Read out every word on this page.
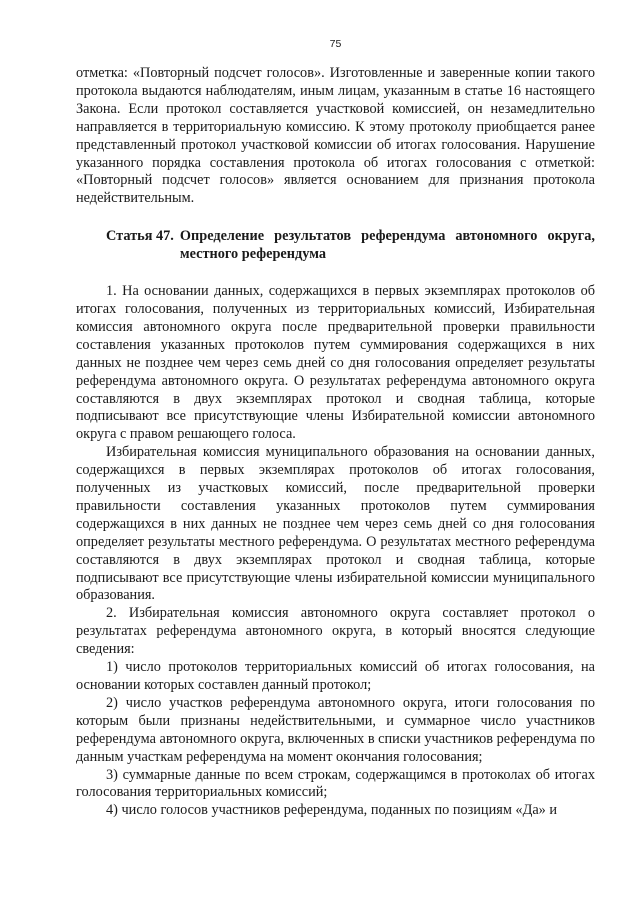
75

отметка: «Повторный подсчет голосов». Изготовленные и заверенные копии такого протокола выдаются наблюдателям, иным лицам, указанным в статье 16 настоящего Закона. Если протокол составляется участковой комиссией, он незамедлительно направляется в территориальную комиссию. К этому протоколу приобщается ранее представленный протокол участковой комиссии об итогах голосования. Нарушение указанного порядка составления протокола об итогах голосования с отметкой: «Повторный подсчет голосов» является основанием для признания протокола недействительным.

Статья 47. Определение результатов референдума автономного округа, местного референдума

1. На основании данных, содержащихся в первых экземплярах протоколов об итогах голосования, полученных из территориальных комиссий, Избирательная комиссия автономного округа после предварительной проверки правильности составления указанных протоколов путем суммирования содержащихся в них данных не позднее чем через семь дней со дня голосования определяет результаты референдума автономного округа. О результатах референдума автономного округа составляются в двух экземплярах протокол и сводная таблица, которые подписывают все присутствующие члены Избирательной комиссии автономного округа с правом решающего голоса.

Избирательная комиссия муниципального образования на основании данных, содержащихся в первых экземплярах протоколов об итогах голосования, полученных из участковых комиссий, после предварительной проверки правильности составления указанных протоколов путем суммирования содержащихся в них данных не позднее чем через семь дней со дня голосования определяет результаты местного референдума. О результатах местного референдума составляются в двух экземплярах протокол и сводная таблица, которые подписывают все присутствующие члены избирательной комиссии муниципального образования.

2. Избирательная комиссия автономного округа составляет протокол о результатах референдума автономного округа, в который вносятся следующие сведения:

1) число протоколов территориальных комиссий об итогах голосования, на основании которых составлен данный протокол;

2) число участков референдума автономного округа, итоги голосования по которым были признаны недействительными, и суммарное число участников референдума автономного округа, включенных в списки участников референдума по данным участкам референдума на момент окончания голосования;

3) суммарные данные по всем строкам, содержащимся в протоколах об итогах голосования территориальных комиссий;

4) число голосов участников референдума, поданных по позициям «Да» и
